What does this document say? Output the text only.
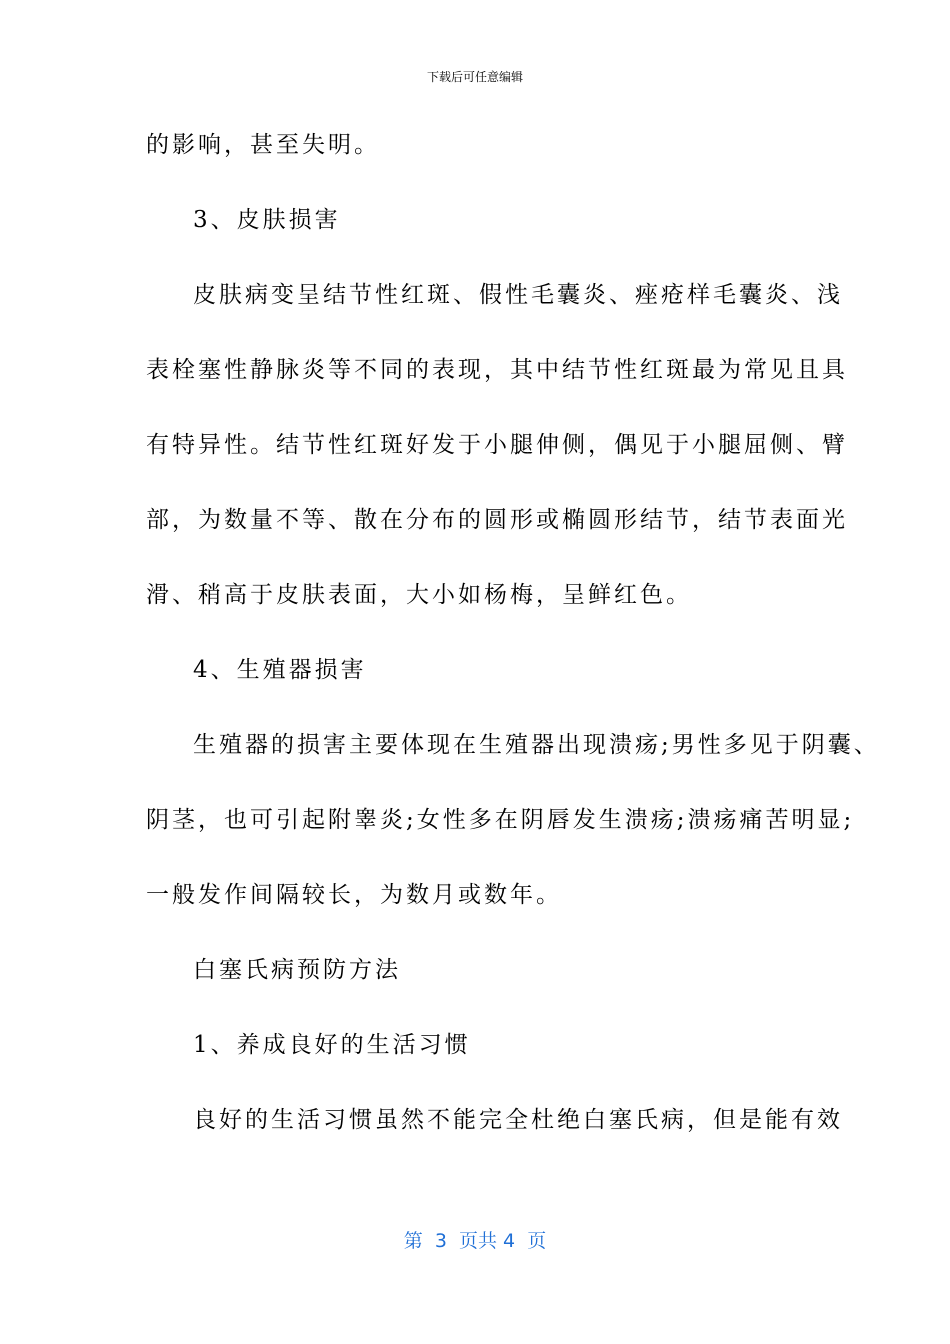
下载后可任意编辑
的影响，甚至失明。
3、皮肤损害
皮肤病变呈结节性红斑、假性毛囊炎、痤疮样毛囊炎、浅
表栓塞性静脉炎等不同的表现，其中结节性红斑最为常见且具
有特异性。结节性红斑好发于小腿伸侧，偶见于小腿屈侧、臂
部，为数量不等、散在分布的圆形或椭圆形结节，结节表面光
滑、稍高于皮肤表面，大小如杨梅，呈鲜红色。
4、生殖器损害
生殖器的损害主要体现在生殖器出现溃疡;男性多见于阴囊、
阴茎，也可引起附睾炎;女性多在阴唇发生溃疡;溃疡痛苦明显;
一般发作间隔较长，为数月或数年。
白塞氏病预防方法
1、养成良好的生活习惯
良好的生活习惯虽然不能完全杜绝白塞氏病，但是能有效
第  3  页共 4  页
